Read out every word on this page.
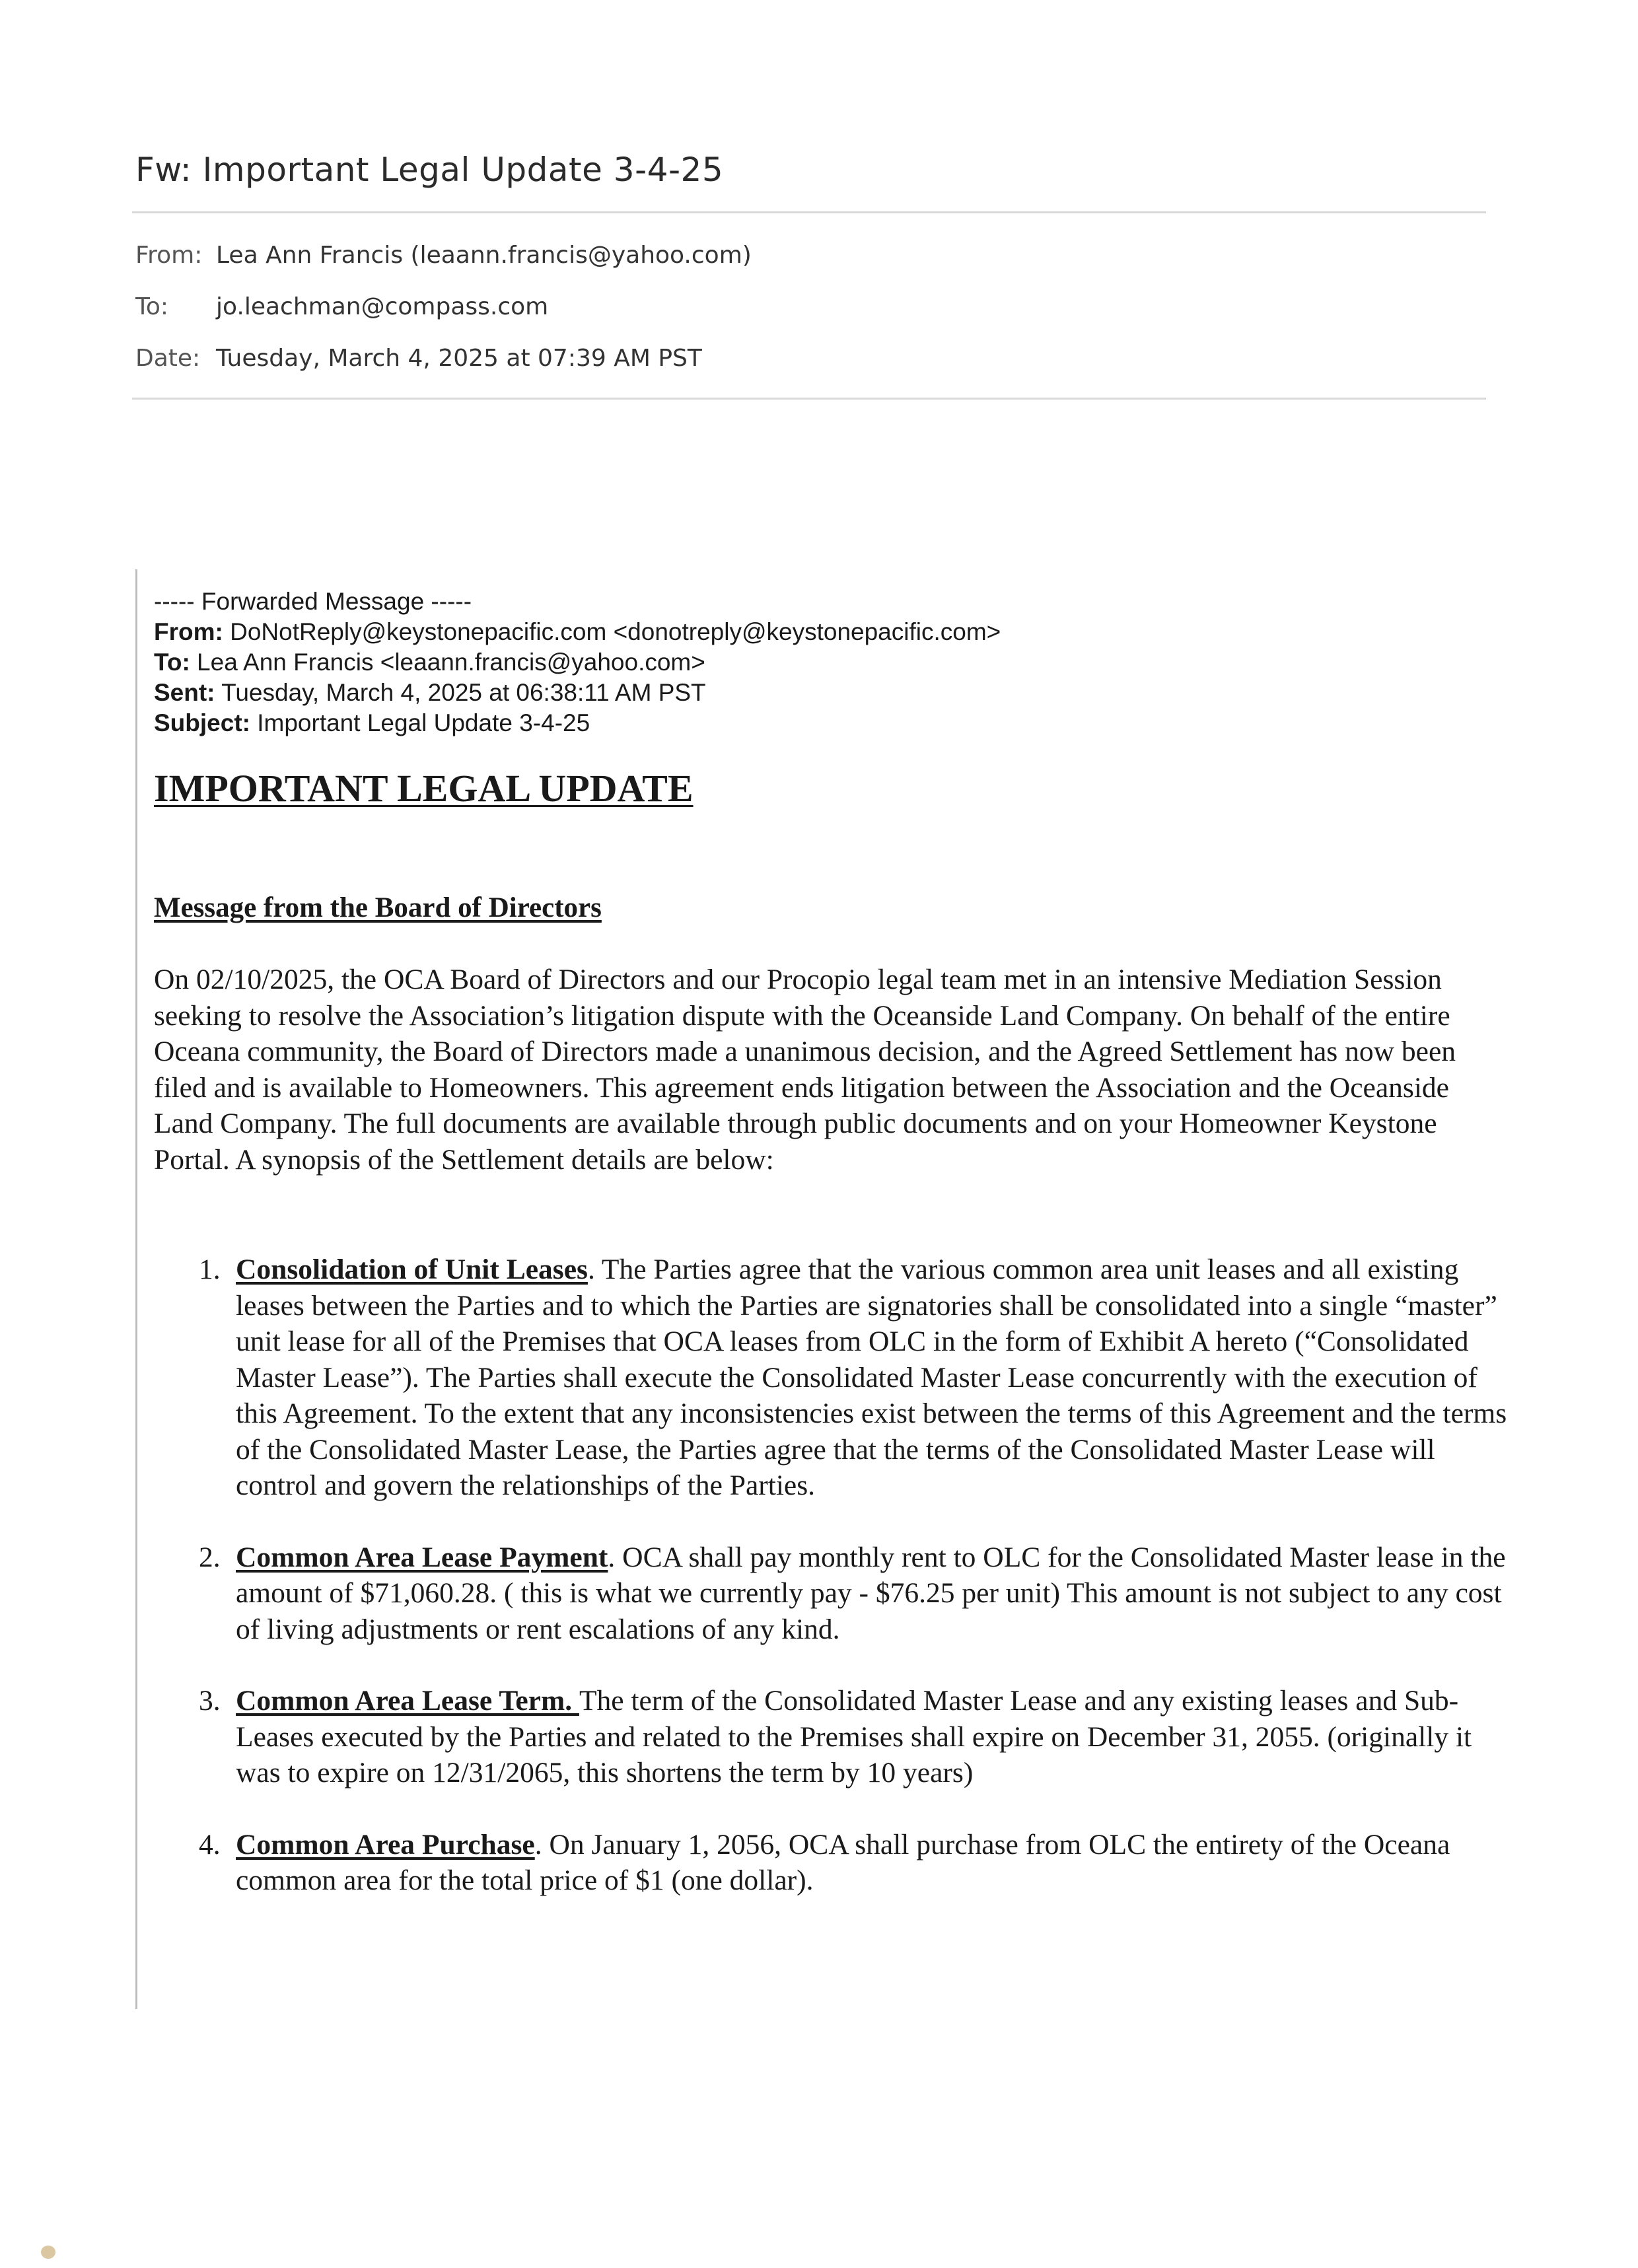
Fw: Important Legal Update 3-4-25
From: Lea Ann Francis (leaann.francis@yahoo.com)
To: jo.leachman@compass.com
Date: Tuesday, March 4, 2025 at 07:39 AM PST
----- Forwarded Message -----
From: DoNotReply@keystonepacific.com <donotreply@keystonepacific.com>
To: Lea Ann Francis <leaann.francis@yahoo.com>
Sent: Tuesday, March 4, 2025 at 06:38:11 AM PST
Subject: Important Legal Update 3-4-25
IMPORTANT LEGAL UPDATE
Message from the Board of Directors

On 02/10/2025, the OCA Board of Directors and our Procopio legal team met in an intensive Mediation Session seeking to resolve the Association’s litigation dispute with the Oceanside Land Company. On behalf of the entire Oceana community, the Board of Directors made a unanimous decision, and the Agreed Settlement has now been filed and is available to Homeowners. This agreement ends litigation between the Association and the Oceanside Land Company. The full documents are available through public documents and on your Homeowner Keystone Portal. A synopsis of the Settlement details are below:

1. Consolidation of Unit Leases. The Parties agree that the various common area unit leases and all existing leases between the Parties and to which the Parties are signatories shall be consolidated into a single “master” unit lease for all of the Premises that OCA leases from OLC in the form of Exhibit A hereto (“Consolidated Master Lease”). The Parties shall execute the Consolidated Master Lease concurrently with the execution of this Agreement. To the extent that any inconsistencies exist between the terms of this Agreement and the terms of the Consolidated Master Lease, the Parties agree that the terms of the Consolidated Master Lease will control and govern the relationships of the Parties.
2. Common Area Lease Payment. OCA shall pay monthly rent to OLC for the Consolidated Master lease in the amount of $71,060.28. ( this is what we currently pay - $76.25 per unit) This amount is not subject to any cost of living adjustments or rent escalations of any kind.
3. Common Area Lease Term. The term of the Consolidated Master Lease and any existing leases and Sub-Leases executed by the Parties and related to the Premises shall expire on December 31, 2055. (originally it was to expire on 12/31/2065, this shortens the term by 10 years)
4. Common Area Purchase. On January 1, 2056, OCA shall purchase from OLC the entirety of the Oceana common area for the total price of $1 (one dollar).
